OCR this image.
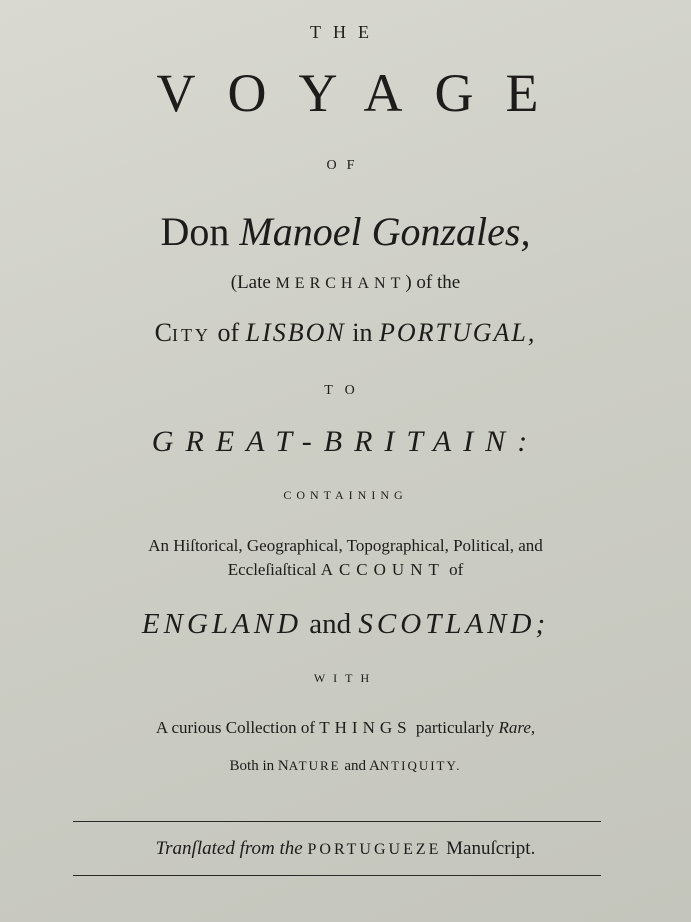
THE
VOYAGE
OF
Don Manoel Gonzales,
(Late MERCHANT) of the
CITY of LISBON in PORTUGAL,
TO
GREAT-BRITAIN:
CONTAINING
An Hiſtorical, Geographical, Topographical, Political, and
Eccleſiaſtical ACCOUNT of
ENGLAND and SCOTLAND;
WITH
A curious Collection of THINGS particularly Rare,
Both in NATURE and ANTIQUITY.
Tranſlated from the PORTUGUEZE Manuſcript.
